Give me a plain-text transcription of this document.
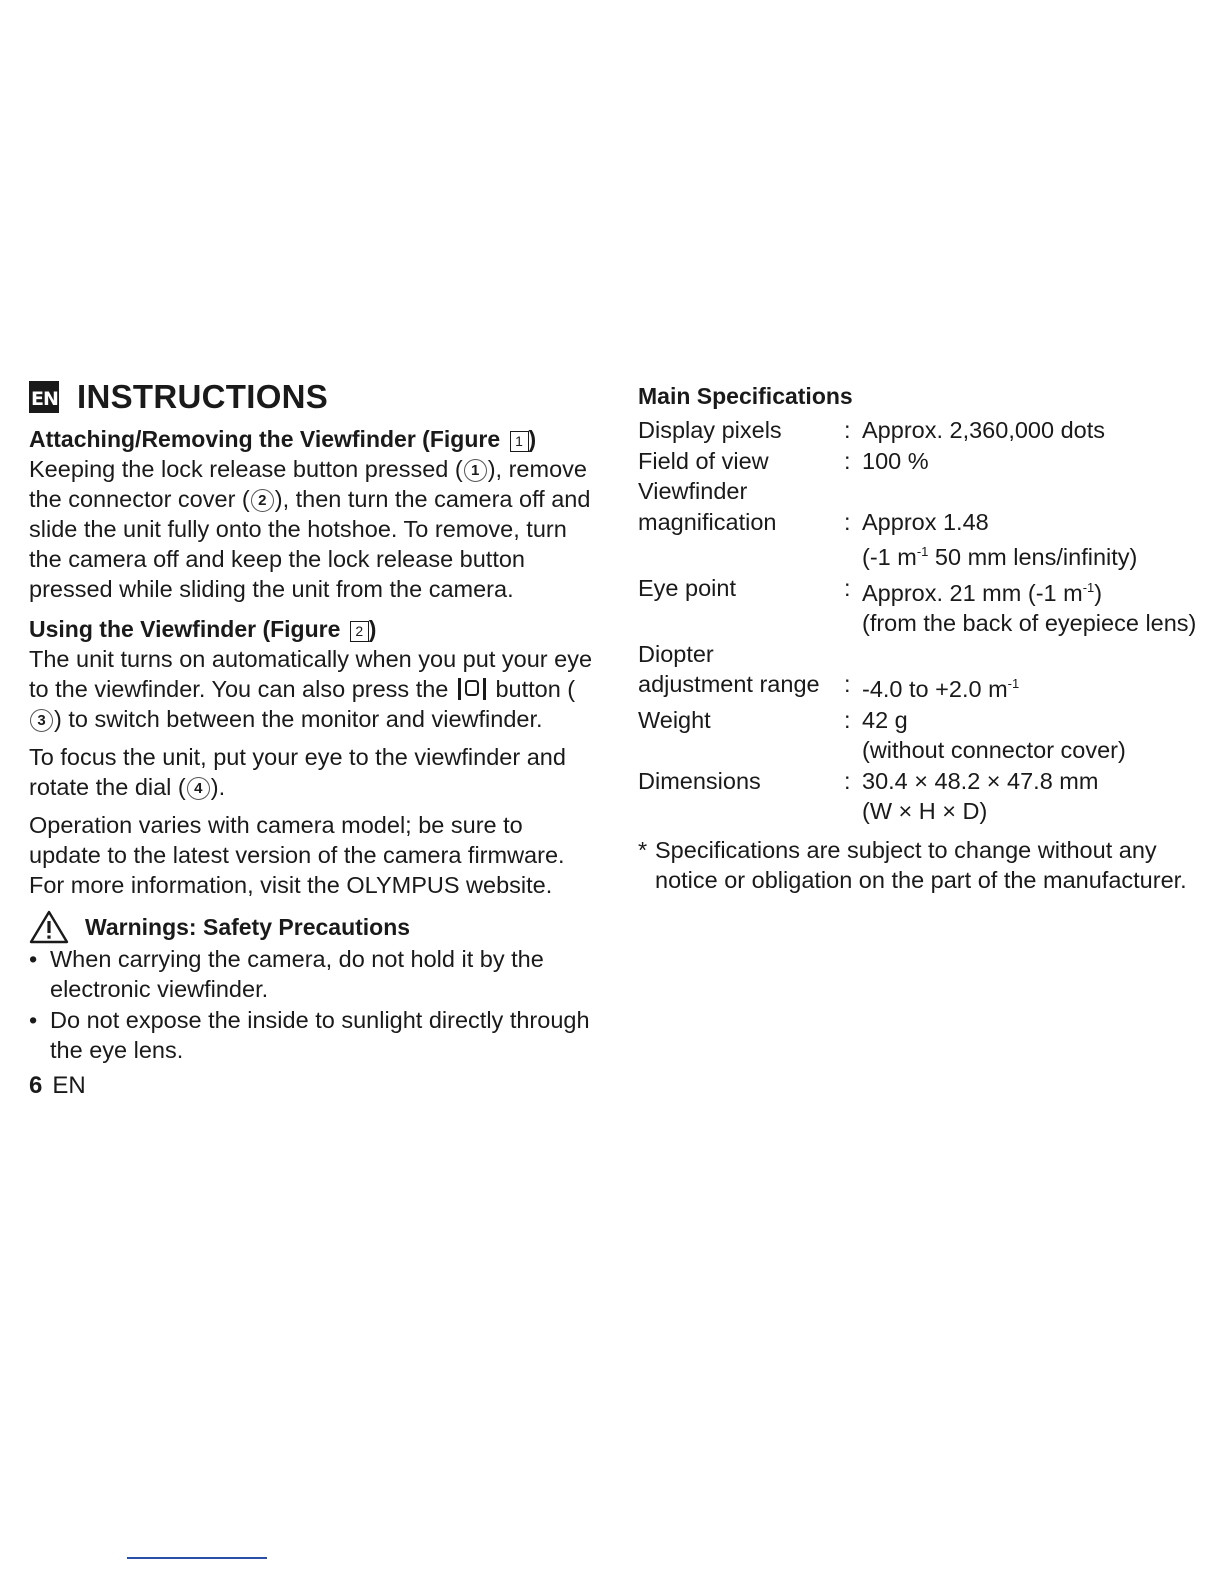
EN INSTRUCTIONS

Attaching/Removing the Viewfinder (Figure 1 )

Keeping the lock release button pressed ( 1 ), remove the connector cover ( 2 ), then turn the camera off and slide the unit fully onto the hotshoe. To remove, turn the camera off and keep the lock release button pressed while sliding the unit from the camera.

Using the Viewfinder (Figure 2 )

The unit turns on automatically when you put your eye to the viewfinder. You can also press the button (3 ) to switch between the monitor and viewfinder.

To focus the unit, put your eye to the viewfinder and rotate the dial ( 4 ).

Operation varies with camera model; be sure to update to the latest version of the camera firmware. For more information, visit the OLYMPUS website.

Warnings: Safety Precautions
• When carrying the camera, do not hold it by the electronic viewfinder.
• Do not expose the inside to sunlight directly through the eye lens.
6 EN

Main Specifications

Display pixels	:	Approx. 2,360,000 dots
Field of view	:	100 %
Viewfinder		
magnification	:	Approx 1.48
		(-1 $m^{-1}$ 50 mm lens/infinity)
Eye point	:	Approx. 21 mm (-1 $m^{-1}$)
		(from the back of eyepiece lens)
Diopter		
adjustment range	:	-4.0 to +2.0 $m^{-1}$
Weight	:	42 g
		(without connector cover)
Dimensions	:	30.4 × 48.2 × 47.8 mm
		(W × H × D)
* Specifications are subject to change without any notice or obligation on the part of the manufacturer.
